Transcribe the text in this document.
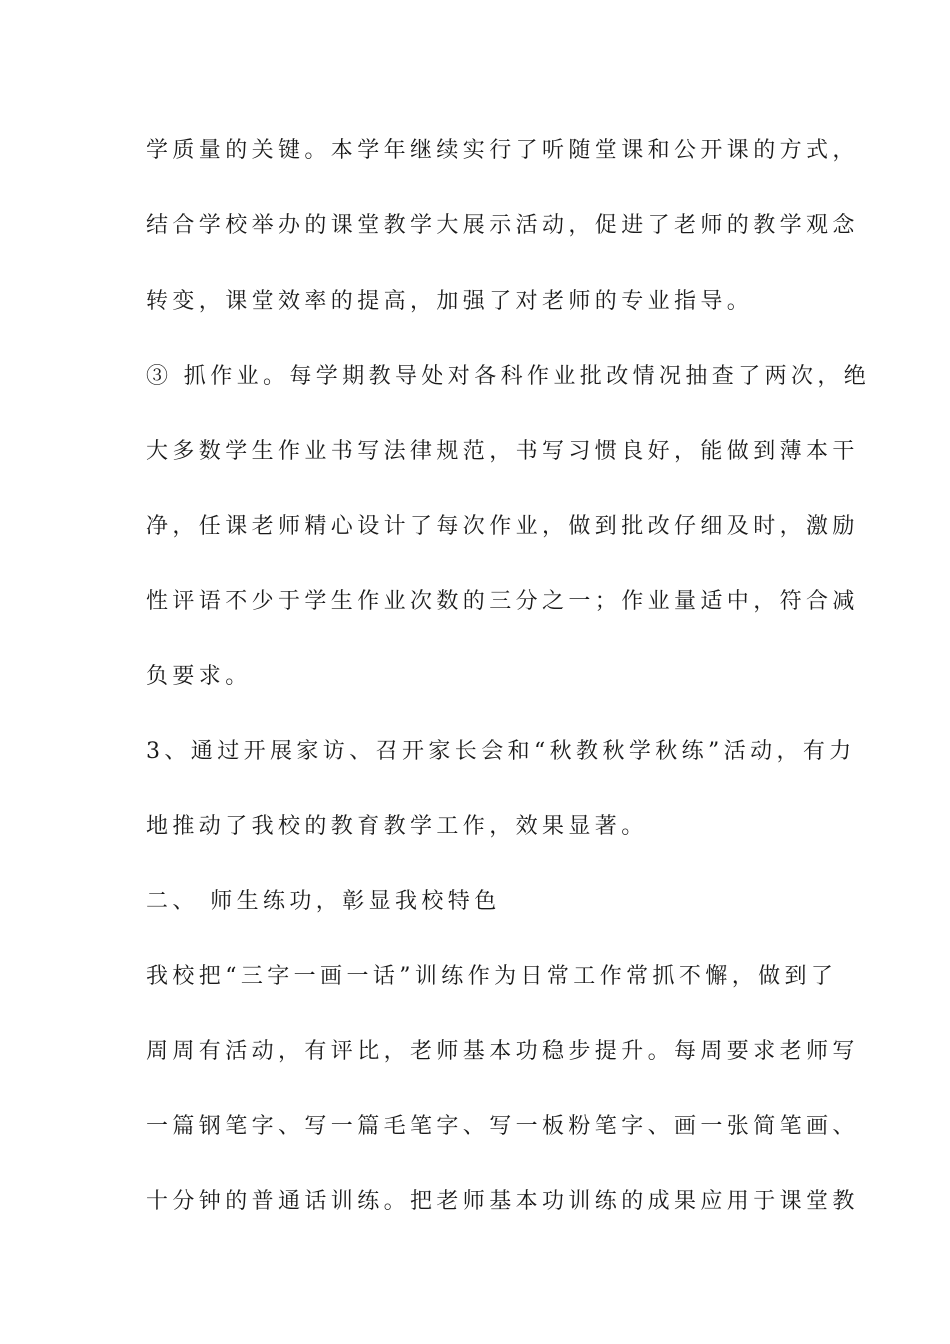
学质量的关键。本学年继续实行了听随堂课和公开课的方式，
结合学校举办的课堂教学大展示活动，促进了老师的教学观念
转变，课堂效率的提高，加强了对老师的专业指导。
③ 抓作业。每学期教导处对各科作业批改情况抽查了两次，绝
大多数学生作业书写法律规范，书写习惯良好，能做到薄本干
净，任课老师精心设计了每次作业，做到批改仔细及时，激励
性评语不少于学生作业次数的三分之一；作业量适中，符合减
负要求。
3、通过开展家访、召开家长会和“秋教秋学秋练”活动，有力
地推动了我校的教育教学工作，效果显著。
二、 师生练功，彰显我校特色
我校把“三字一画一话”训练作为日常工作常抓不懈，做到了
周周有活动，有评比，老师基本功稳步提升。每周要求老师写
一篇钢笔字、写一篇毛笔字、写一板粉笔字、画一张简笔画、
十分钟的普通话训练。把老师基本功训练的成果应用于课堂教
